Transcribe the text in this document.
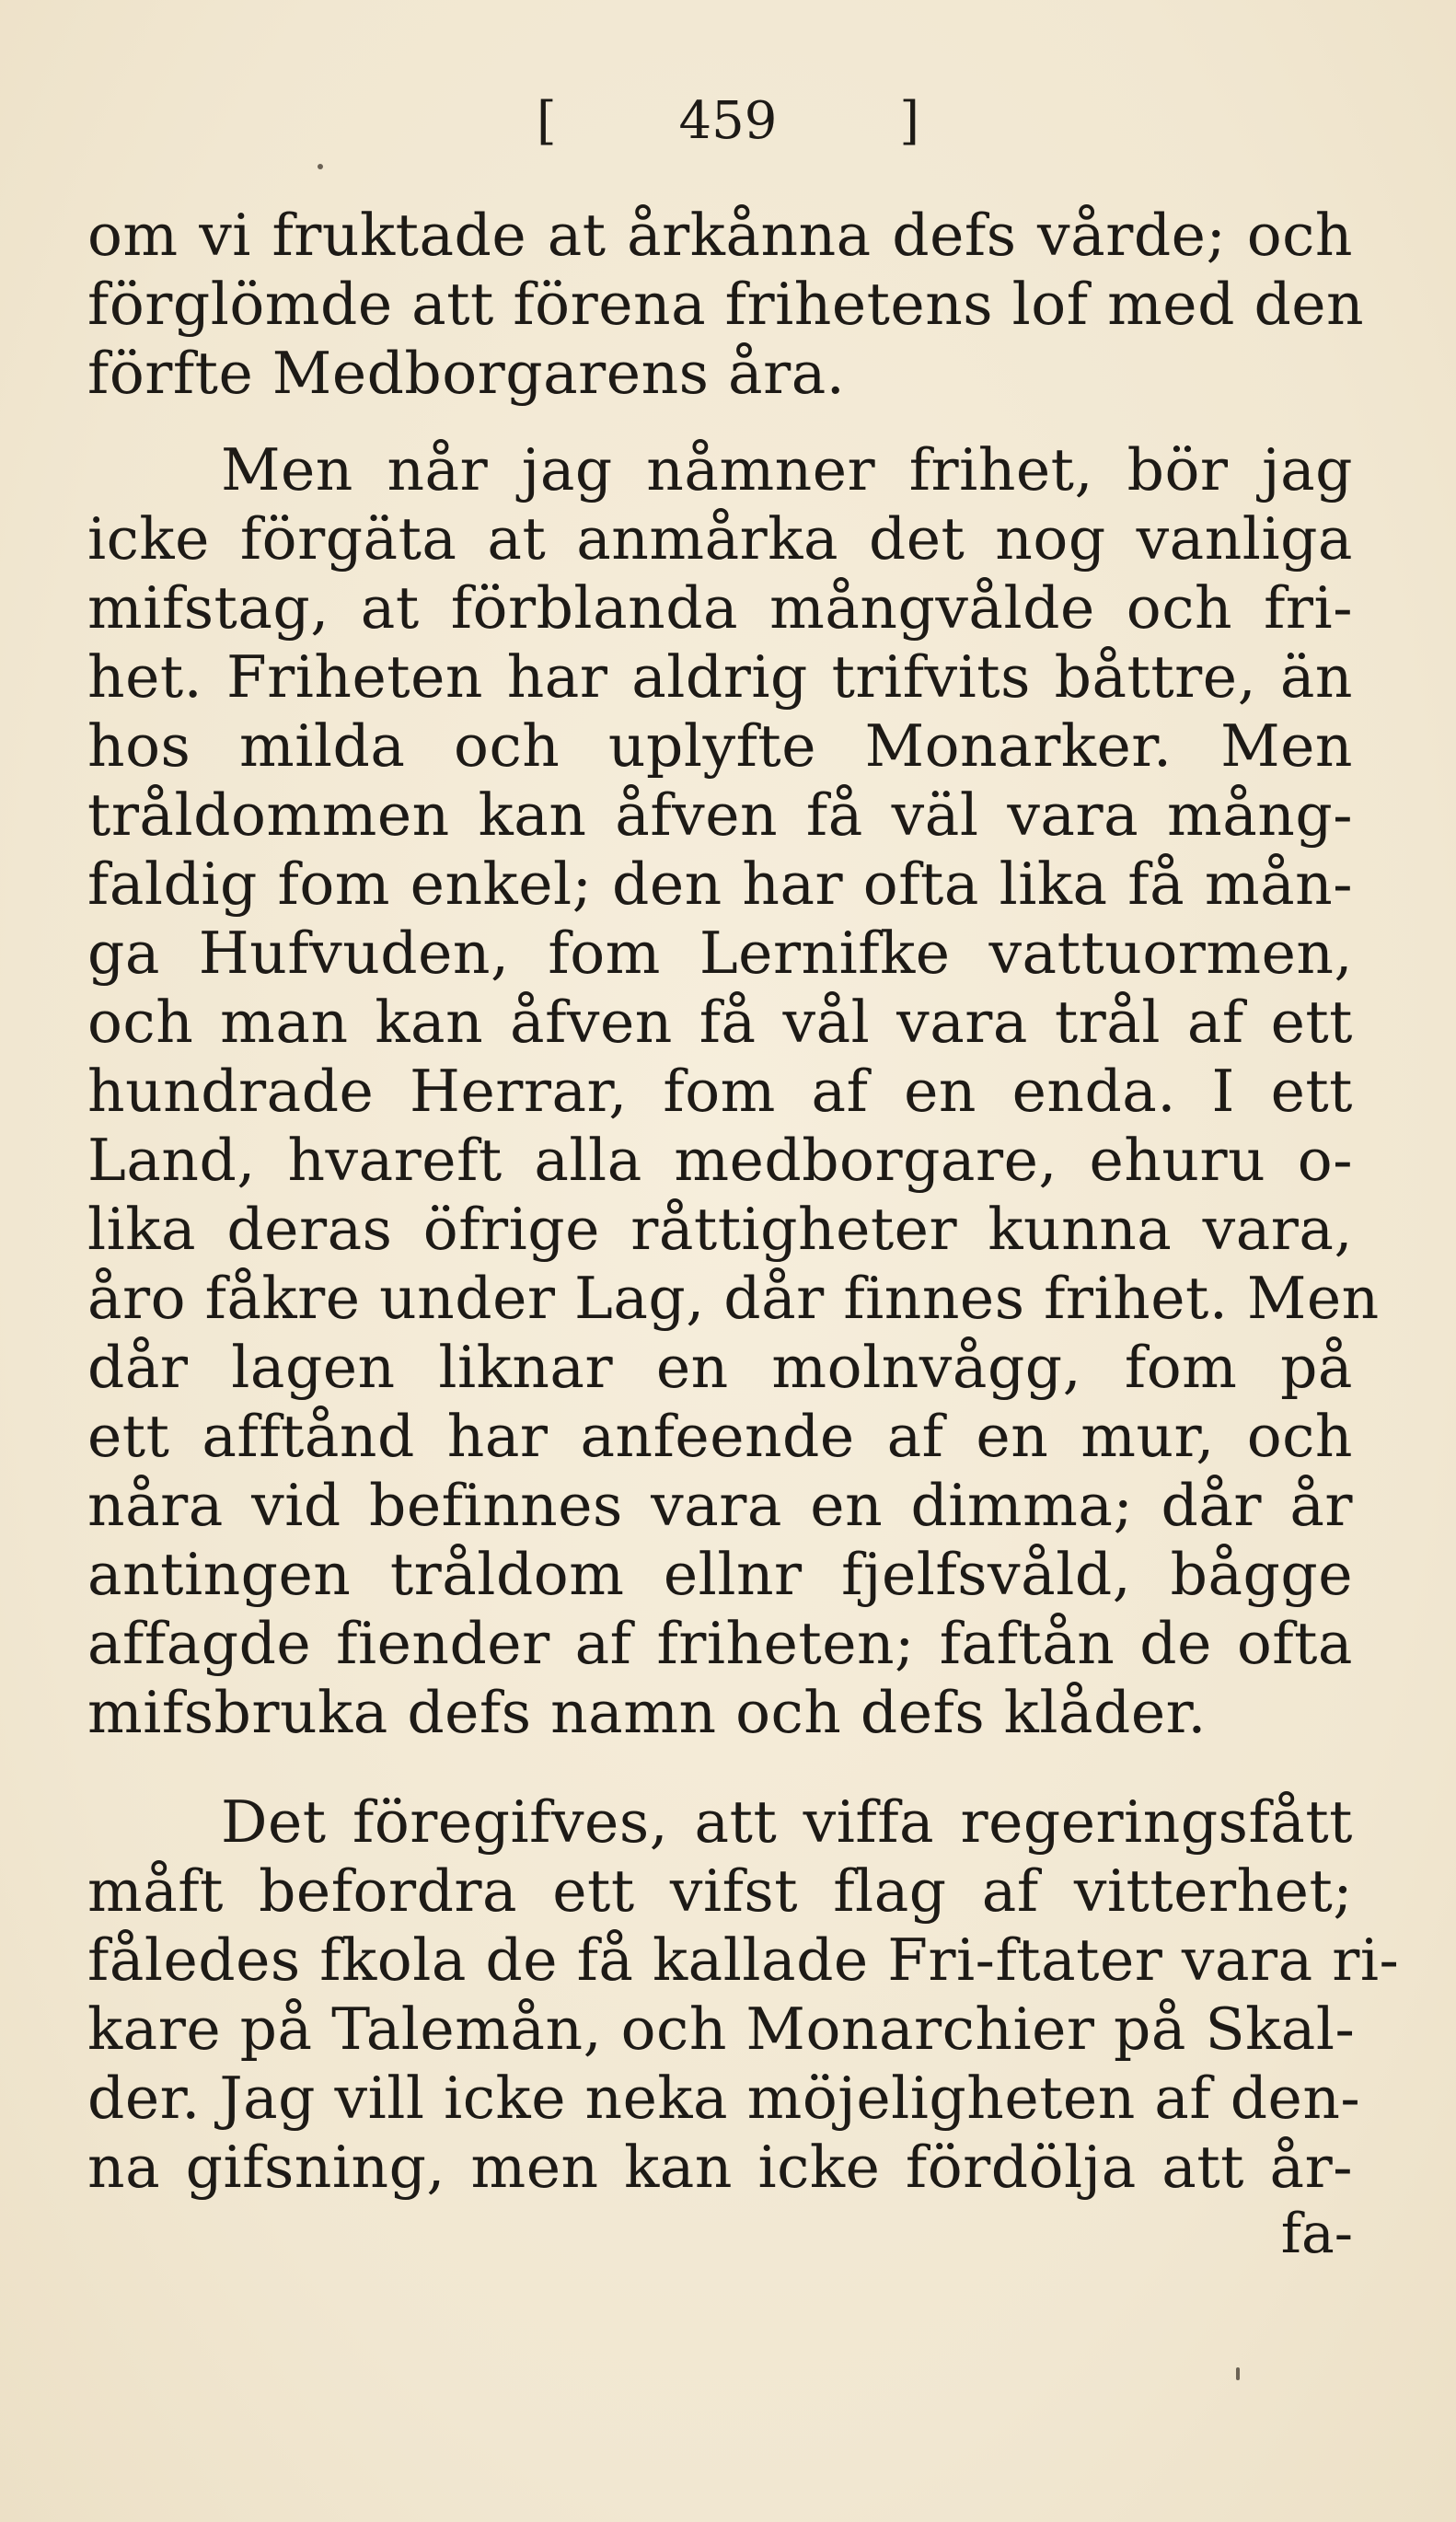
[ 459 ]
om vi fruktade at årkånna defs vårde; och
förglömde att förena frihetens lof med den
förfte Medborgarens åra.
Men når jag nåmner frihet, bör jag
icke förgäta at anmårka det nog vanliga
mifstag, at förblanda mångvålde och fri-
het. Friheten har aldrig trifvits båttre, än
hos milda och uplyfte Monarker. Men
tråldommen kan åfven få väl vara mång-
faldig fom enkel; den har ofta lika få mån-
ga Hufvuden, fom Lernifke vattuormen,
och man kan åfven få vål vara trål af ett
hundrade Herrar, fom af en enda. I ett
Land, hvareft alla medborgare, ehuru o-
lika deras öfrige råttigheter kunna vara,
åro fåkre under Lag, dår finnes frihet. Men
dår lagen liknar en molnvågg, fom på
ett afftånd har anfeende af en mur, och
nåra vid befinnes vara en dimma; dår år
antingen tråldom ellnr fjelfsvåld, bågge
affagde fiender af friheten; faftån de ofta
mifsbruka defs namn och defs klåder.
Det föregifves, att viffa regeringsfått
måft befordra ett vifst flag af vitterhet;
fåledes fkola de få kallade Fri-ftater vara ri-
kare på Talemån, och Monarchier på Skal-
der. Jag vill icke neka möjeligheten af den-
na gifsning, men kan icke fördölja att år-
fa-
